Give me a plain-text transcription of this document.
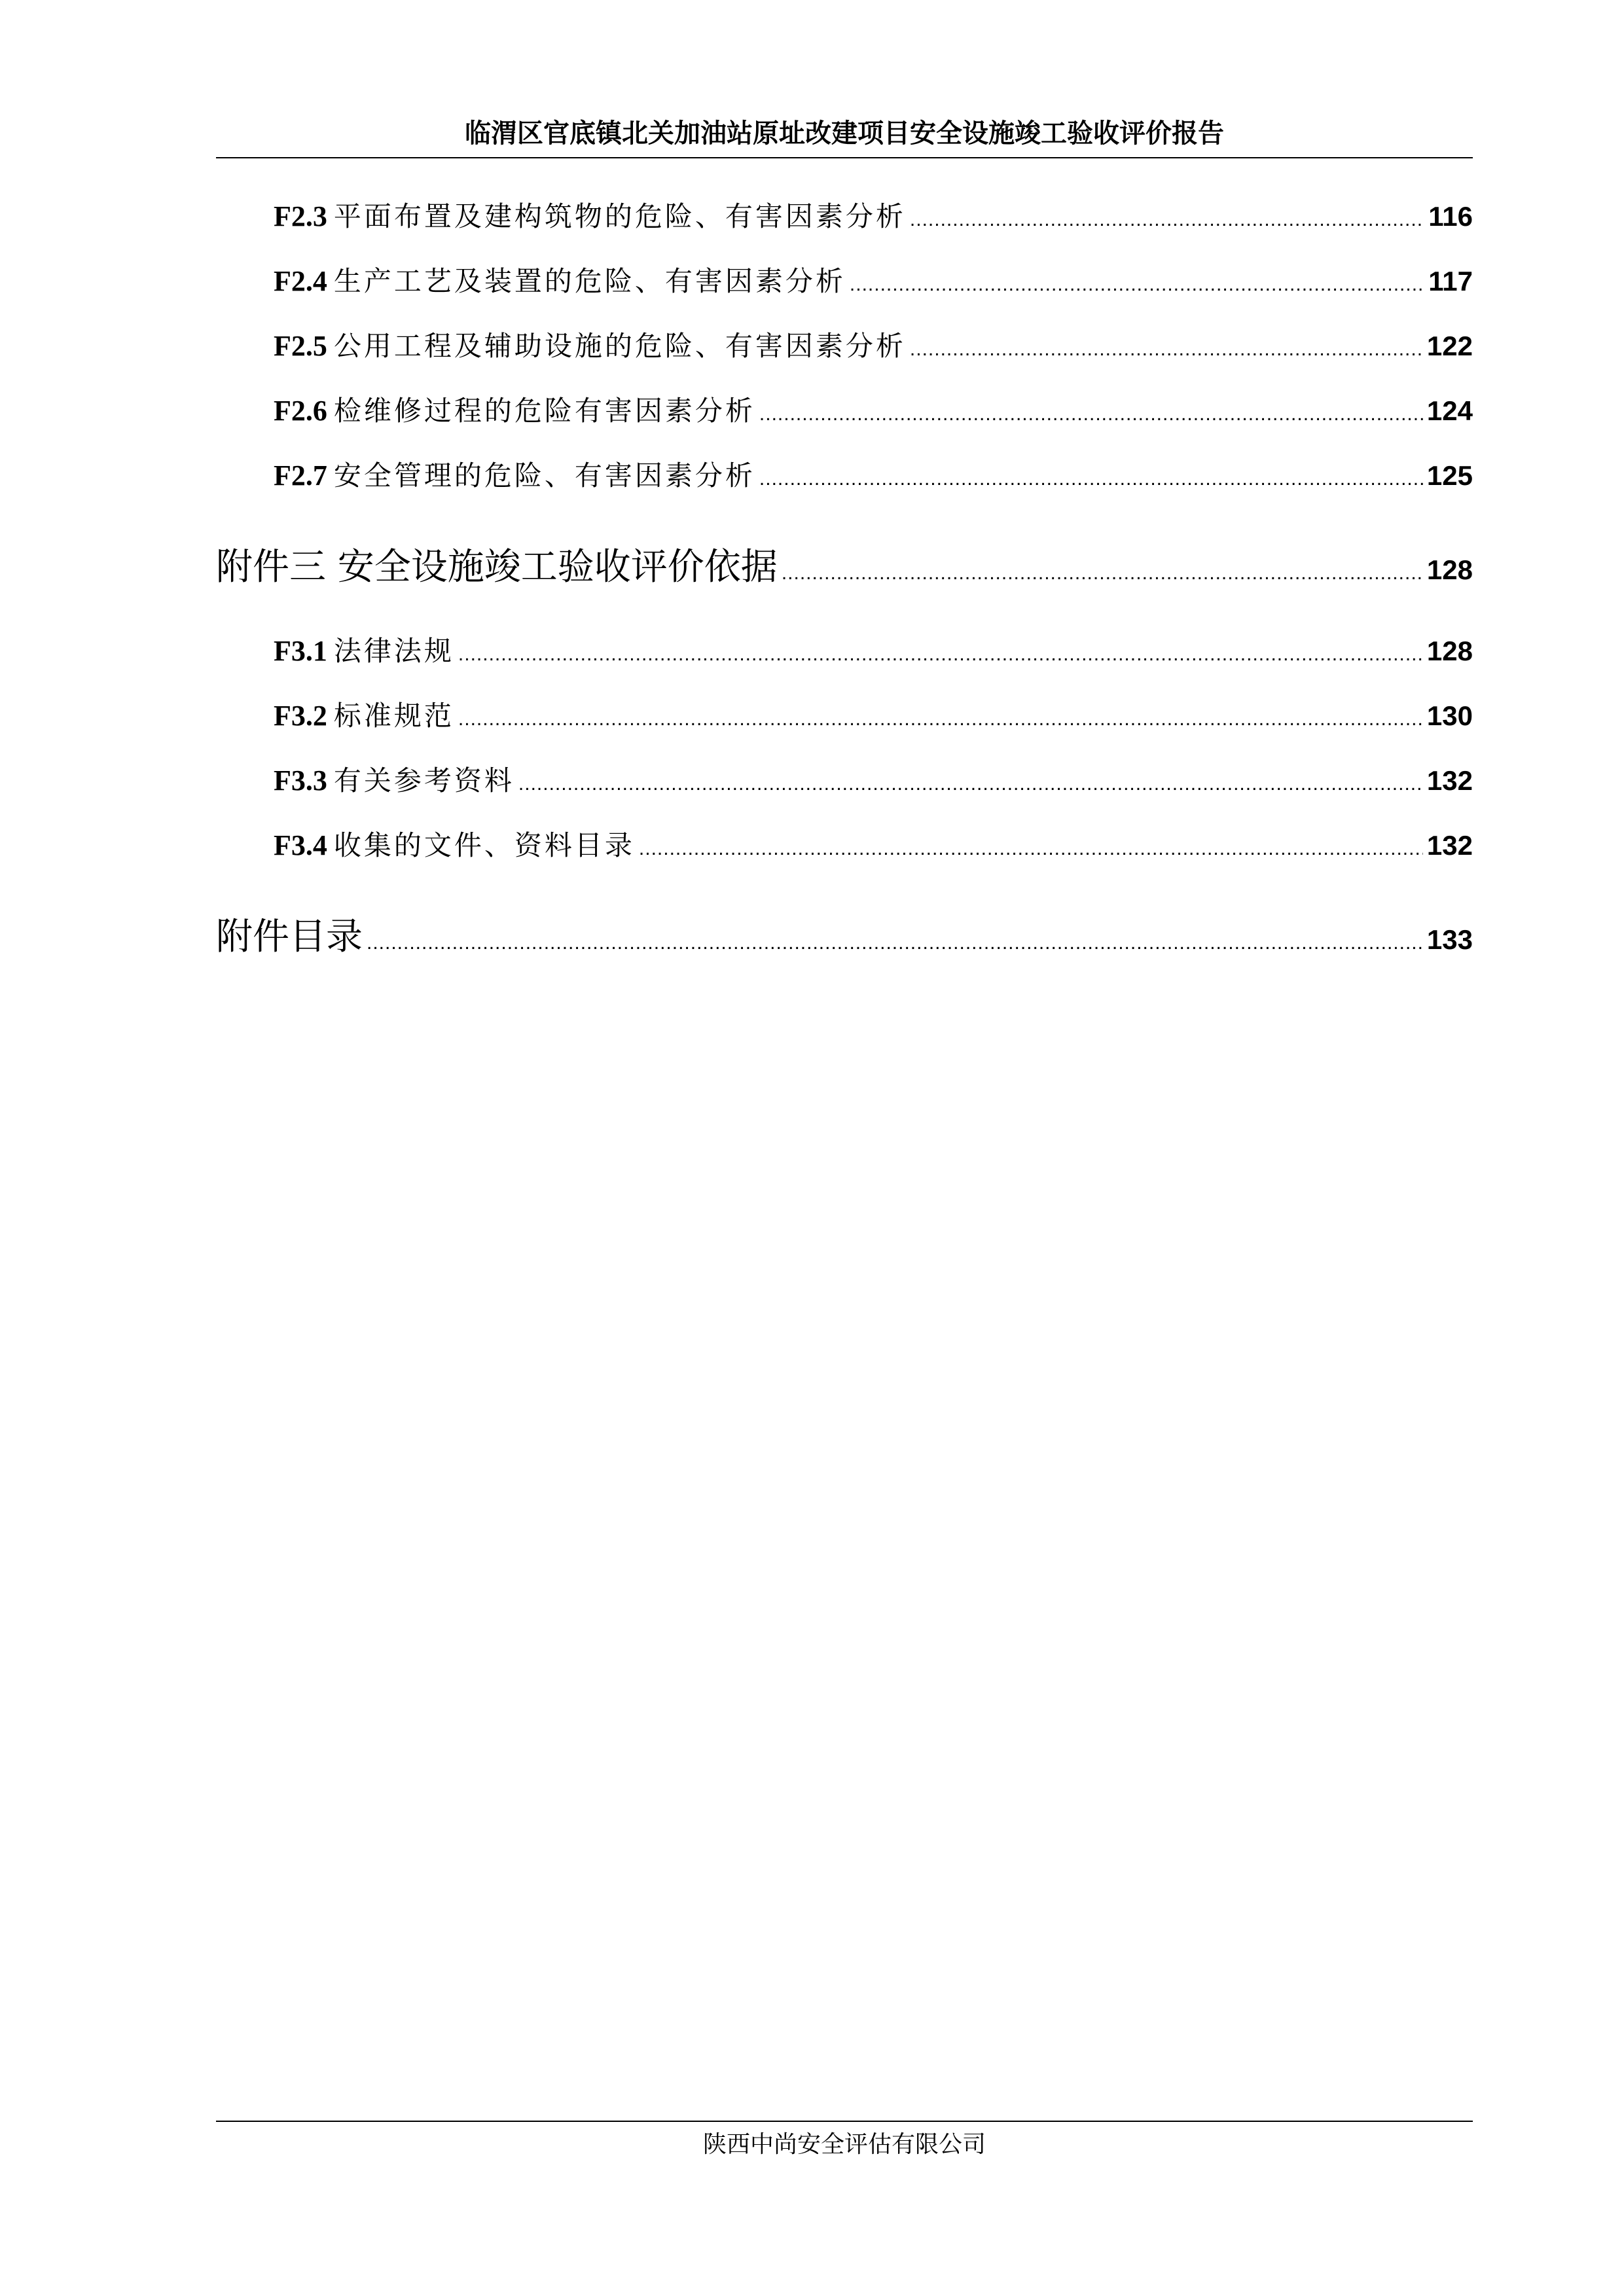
临渭区官底镇北关加油站原址改建项目安全设施竣工验收评价报告
F2.3 平面布置及建构筑物的危险、有害因素分析 .....	116
F2.4 生产工艺及装置的危险、有害因素分析 .....	117
F2.5 公用工程及辅助设施的危险、有害因素分析 .....	122
F2.6 检维修过程的危险有害因素分析 .....	124
F2.7 安全管理的危险、有害因素分析 .....	125
附件三 安全设施竣工验收评价依据 .....	128
F3.1 法律法规 .....	128
F3.2 标准规范 .....	130
F3.3 有关参考资料 .....	132
F3.4 收集的文件、资料目录 .....	132
附件目录 .....	133
陕西中尚安全评估有限公司
